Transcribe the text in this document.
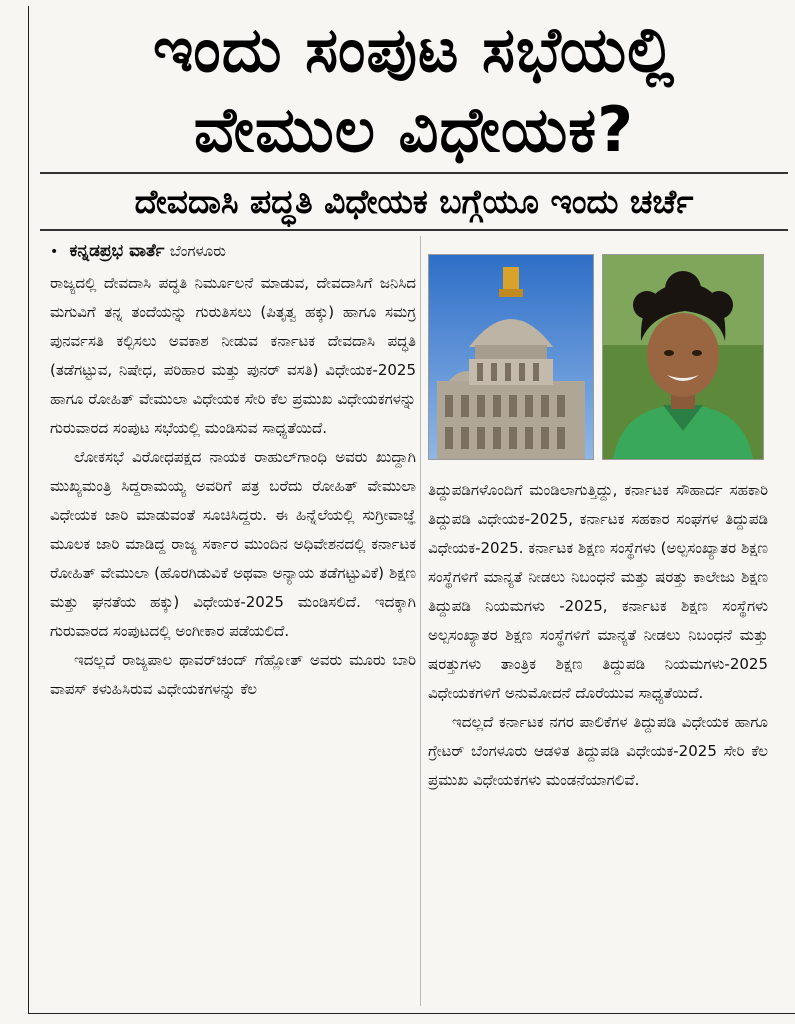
ಇಂದು ಸಂಪುಟ ಸಭೆಯಲ್ಲಿ
ವೇಮುಲ ವಿಧೇಯಕ?
ದೇವದಾಸಿ ಪದ್ಧತಿ ವಿಧೇಯಕ ಬಗ್ಗೆಯೂ ಇಂದು ಚರ್ಚೆ

• ಕನ್ನಡಪ್ರಭ ವಾರ್ತೆ ಬೆಂಗಳೂರು

ರಾಜ್ಯದಲ್ಲಿ ದೇವದಾಸಿ ಪದ್ಧತಿ ನಿರ್ಮೂಲನೆ ಮಾಡುವ, ದೇವದಾಸಿಗೆ ಜನಿಸಿದ ಮಗುವಿಗೆ ತನ್ನ ತಂದೆಯನ್ನು ಗುರುತಿಸಲು (ಪಿತೃತ್ವ ಹಕ್ಕು) ಹಾಗೂ ಸಮಗ್ರ ಪುನರ್ವಸತಿ ಕಲ್ಪಿಸಲು ಅವಕಾಶ ನೀಡುವ ಕರ್ನಾಟಕ ದೇವದಾಸಿ ಪದ್ಧತಿ (ತಡೆಗಟ್ಟುವ, ನಿಷೇಧ, ಪರಿಹಾರ ಮತ್ತು ಪುನರ್ ವಸತಿ) ವಿಧೇಯಕ-2025 ಹಾಗೂ ರೋಹಿತ್ ವೇಮುಲಾ ವಿಧೇಯಕ ಸೇರಿ ಕೆಲ ಪ್ರಮುಖ ವಿಧೇಯಕಗಳನ್ನು ಗುರುವಾರದ ಸಂಪುಟ ಸಭೆಯಲ್ಲಿ ಮಂಡಿಸುವ ಸಾಧ್ಯತೆಯಿದೆ.

ಲೋಕಸಭೆ ವಿರೋಧಪಕ್ಷದ ನಾಯಕ ರಾಹುಲ್‌ಗಾಂಧಿ ಅವರು ಖುದ್ದಾಗಿ ಮುಖ್ಯಮಂತ್ರಿ ಸಿದ್ದರಾಮಯ್ಯ ಅವರಿಗೆ ಪತ್ರ ಬರೆದು ರೋಹಿತ್ ವೇಮುಲಾ ವಿಧೇಯಕ ಜಾರಿ ಮಾಡುವಂತೆ ಸೂಚಿಸಿದ್ದರು. ಈ ಹಿನ್ನೆಲೆಯಲ್ಲಿ ಸುಗ್ರೀವಾಜ್ಞೆ ಮೂಲಕ ಜಾರಿ ಮಾಡಿದ್ದ ರಾಜ್ಯ ಸರ್ಕಾರ ಮುಂದಿನ ಅಧಿವೇಶನದಲ್ಲಿ ಕರ್ನಾಟಕ ರೋಹಿತ್ ವೇಮುಲಾ (ಹೊರಗಿಡುವಿಕೆ ಅಥವಾ ಅನ್ಯಾಯ ತಡೆಗಟ್ಟುವಿಕೆ) ಶಿಕ್ಷಣ ಮತ್ತು ಘನತೆಯ ಹಕ್ಕು) ವಿಧೇಯಕ-2025 ಮಂಡಿಸಲಿದೆ. ಇದಕ್ಕಾಗಿ ಗುರುವಾರದ ಸಂಪುಟದಲ್ಲಿ ಅಂಗೀಕಾರ ಪಡೆಯಲಿದೆ.

ಇದಲ್ಲದೆ ರಾಜ್ಯಪಾಲ ಥಾವರ್‌ಚಂದ್ ಗೆಹ್ಲೋತ್ ಅವರು ಮೂರು ಬಾರಿ ವಾಪಸ್ ಕಳುಹಿಸಿರುವ ವಿಧೇಯಕಗಳನ್ನು ಕೆಲ

ತಿದ್ದುಪಡಿಗಳೊಂದಿಗೆ ಮಂಡಿಲಾಗುತ್ತಿದ್ದು, ಕರ್ನಾಟಕ ಸೌಹಾರ್ದ ಸಹಕಾರಿ ತಿದ್ದುಪಡಿ ವಿಧೇಯಕ-2025, ಕರ್ನಾಟಕ ಸಹಕಾರ ಸಂಘಗಳ ತಿದ್ದುಪಡಿ ವಿಧೇಯಕ-2025. ಕರ್ನಾಟಕ ಶಿಕ್ಷಣ ಸಂಸ್ಥೆಗಳು (ಅಲ್ಪಸಂಖ್ಯಾತರ ಶಿಕ್ಷಣ ಸಂಸ್ಥೆಗಳಿಗೆ ಮಾನ್ಯತೆ ನೀಡಲು ನಿಬಂಧನೆ ಮತ್ತು ಷರತ್ತು ಕಾಲೇಜು ಶಿಕ್ಷಣ ತಿದ್ದುಪಡಿ ನಿಯಮಗಳು -2025, ಕರ್ನಾಟಕ ಶಿಕ್ಷಣ ಸಂಸ್ಥೆಗಳು ಅಲ್ಪಸಂಖ್ಯಾತರ ಶಿಕ್ಷಣ ಸಂಸ್ಥೆಗಳಿಗೆ ಮಾನ್ಯತೆ ನೀಡಲು ನಿಬಂಧನೆ ಮತ್ತು ಷರತ್ತುಗಳು ತಾಂತ್ರಿಕ ಶಿಕ್ಷಣ ತಿದ್ದುಪಡಿ ನಿಯಮಗಳು-2025 ವಿಧೇಯಕಗಳಿಗೆ ಅನುಮೋದನೆ ದೊರೆಯುವ ಸಾಧ್ಯತೆಯಿದೆ.

ಇದಲ್ಲದೆ ಕರ್ನಾಟಕ ನಗರ ಪಾಲಿಕೆಗಳ ತಿದ್ದುಪಡಿ ವಿಧೇಯಕ ಹಾಗೂ ಗ್ರೇಟರ್ ಬೆಂಗಳೂರು ಆಡಳಿತ ತಿದ್ದುಪಡಿ ವಿಧೇಯಕ-2025 ಸೇರಿ ಕೆಲ ಪ್ರಮುಖ ವಿಧೇಯಕಗಳು ಮಂಡನೆಯಾಗಲಿವೆ.
